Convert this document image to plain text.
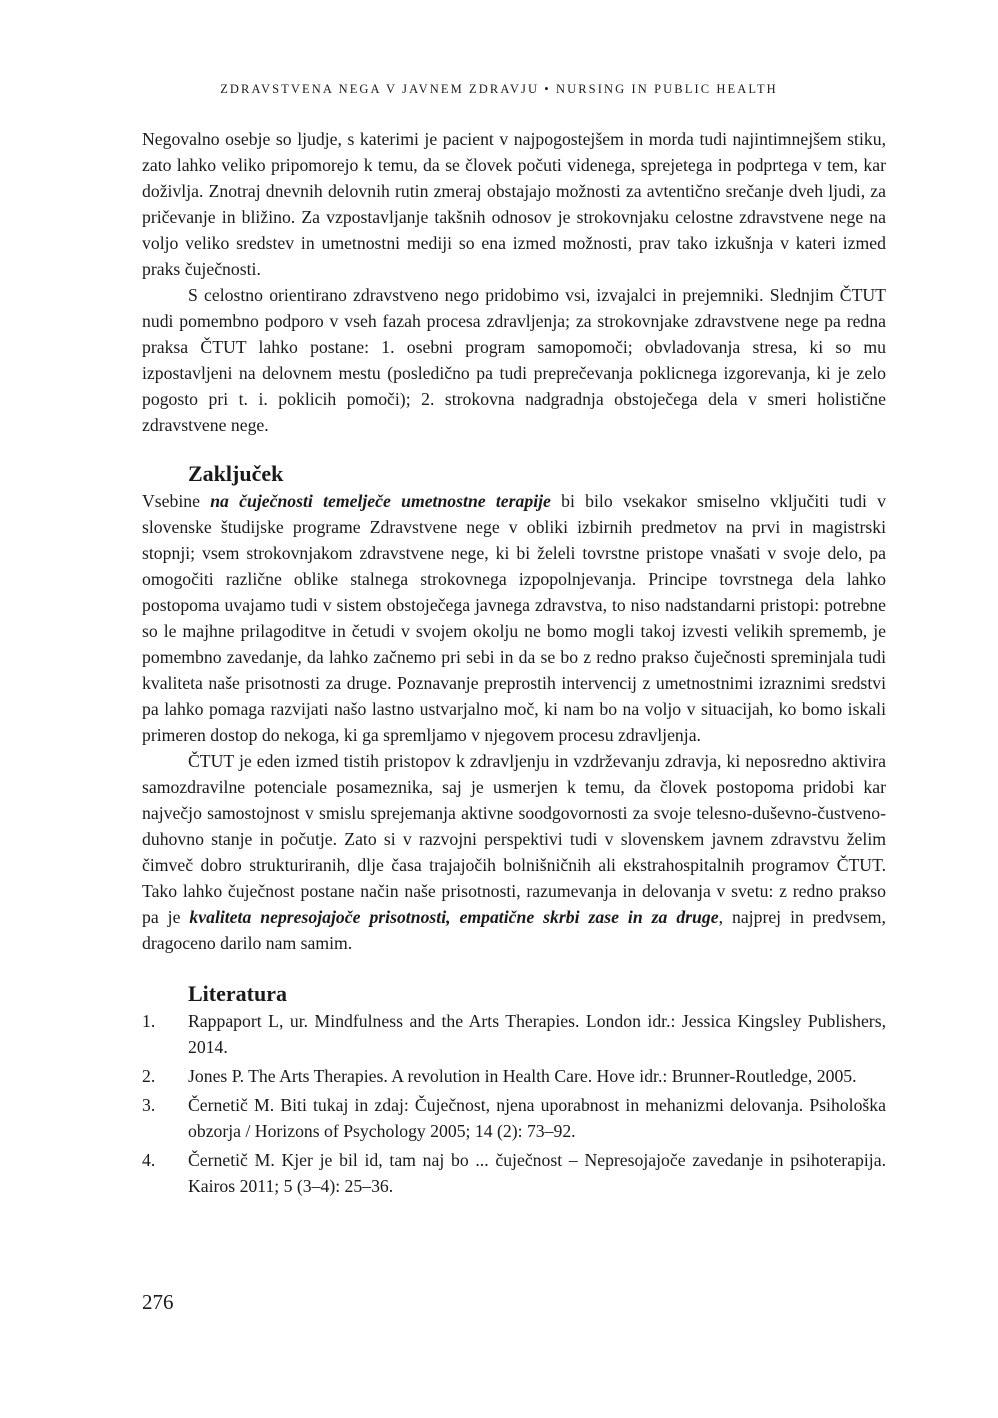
ZDRAVSTVENA NEGA V JAVNEM ZDRAVJU • NURSING IN PUBLIC HEALTH

Negovalno osebje so ljudje, s katerimi je pacient v najpogostejšem in morda tudi najintimnejšem stiku, zato lahko veliko pripomorejo k temu, da se človek počuti videnega, sprejetega in podprtega v tem, kar doživlja. Znotraj dnevnih delovnih rutin zmeraj obstajajo možnosti za avtentično srečanje dveh ljudi, za pričevanje in bližino. Za vzpostavljanje takšnih odnosov je strokovnjaku celostne zdravstvene nege na voljo veliko sredstev in umetnostni mediji so ena izmed možnosti, prav tako izkušnja v kateri izmed praks čuječnosti.

S celostno orientirano zdravstveno nego pridobimo vsi, izvajalci in prejemniki. Slednjim ČTUT nudi pomembno podporo v vseh fazah procesa zdravljenja; za strokovnjake zdravstvene nege pa redna praksa ČTUT lahko postane: 1. osebni program samopomoči; obvladovanja stresa, ki so mu izpostavljeni na delovnem mestu (posledično pa tudi preprečevanja poklicnega izgorevanja, ki je zelo pogosto pri t. i. poklicih pomoči); 2. strokovna nadgradnja obstoječega dela v smeri holistične zdravstvene nege.

Zaključek

Vsebine na čuječnosti temelječe umetnostne terapije bi bilo vsekakor smiselno vključiti tudi v slovenske študijske programe Zdravstvene nege v obliki izbirnih predmetov na prvi in magistrski stopnji; vsem strokovnjakom zdravstvene nege, ki bi želeli tovrstne pristope vnašati v svoje delo, pa omogočiti različne oblike stalnega strokovnega izpopolnjevanja. Principe tovrstnega dela lahko postopoma uvajamo tudi v sistem obstoječega javnega zdravstva, to niso nadstandarni pristopi: potrebne so le majhne prilagoditve in četudi v svojem okolju ne bomo mogli takoj izvesti velikih sprememb, je pomembno zavedanje, da lahko začnemo pri sebi in da se bo z redno prakso čuječnosti spreminjala tudi kvaliteta naše prisotnosti za druge. Poznavanje preprostih intervencij z umetnostnimi izraznimi sredstvi pa lahko pomaga razvijati našo lastno ustvarjalno moč, ki nam bo na voljo v situacijah, ko bomo iskali primeren dostop do nekoga, ki ga spremljamo v njegovem procesu zdravljenja.

ČTUT je eden izmed tistih pristopov k zdravljenju in vzdrževanju zdravja, ki neposredno aktivira samozdravilne potenciale posameznika, saj je usmerjen k temu, da človek postopoma pridobi kar največjo samostojnost v smislu sprejemanja aktivne soodgovornosti za svoje telesno-duševno-čustveno-duhovno stanje in počutje. Zato si v razvojni perspektivi tudi v slovenskem javnem zdravstvu želim čimveč dobro strukturiranih, dlje časa trajajočih bolnišničnih ali ekstrahospitalnih programov ČTUT. Tako lahko čuječnost postane način naše prisotnosti, razumevanja in delovanja v svetu: z redno prakso pa je kvaliteta nepresojajoče prisotnosti, empatične skrbi zase in za druge, najprej in predvsem, dragoceno darilo nam samim.

Literatura
1. Rappaport L, ur. Mindfulness and the Arts Therapies. London idr.: Jessica Kingsley Publishers, 2014.
2. Jones P. The Arts Therapies. A revolution in Health Care. Hove idr.: Brunner-Routledge, 2005.
3. Černetič M. Biti tukaj in zdaj: Čuječnost, njena uporabnost in mehanizmi delovanja. Psihološka obzorja / Horizons of Psychology 2005; 14 (2): 73–92.
4. Černetič M. Kjer je bil id, tam naj bo ... čuječnost – Nepresojajoče zavedanje in psihoterapija. Kairos 2011; 5 (3–4): 25–36.
276
